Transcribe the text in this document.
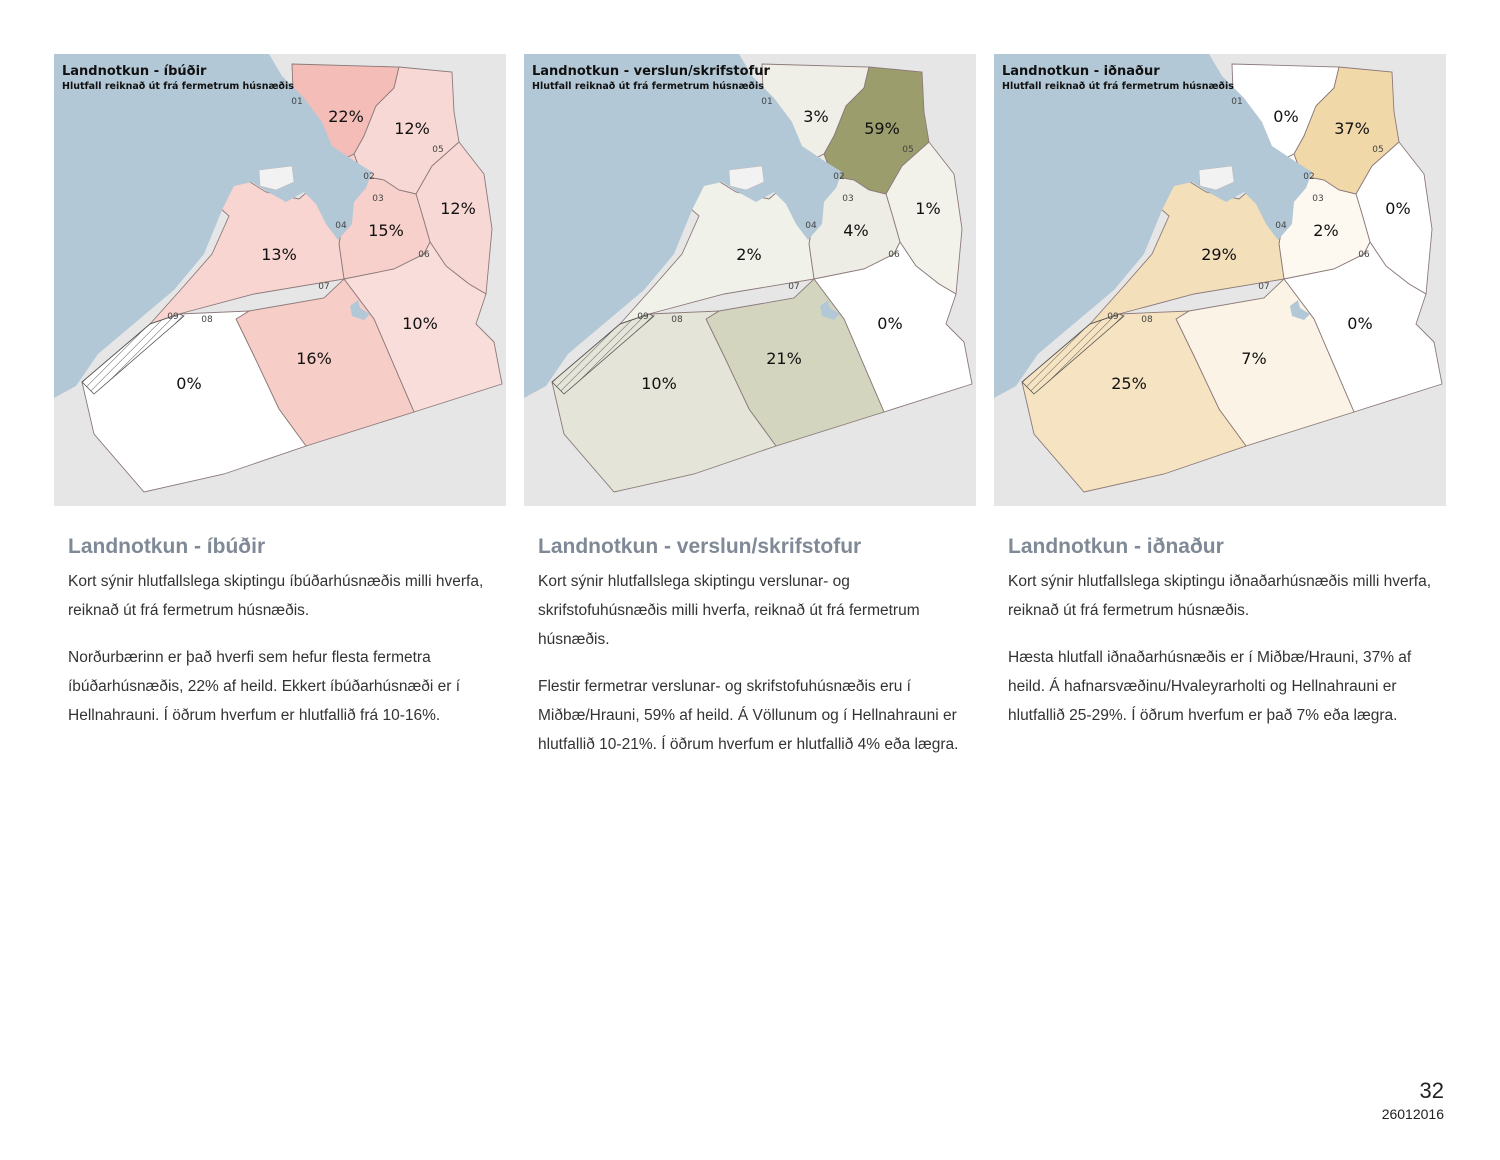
01
02
03
04
05
06
07
08
09
22%
12%
12%
15%
13%
10%
16%
0%
Landnotkun - íbúðir
Hlutfall reiknað út frá fermetrum húsnæðis
01
02
03
04
05
06
07
08
09
3%
59%
1%
4%
2%
0%
21%
10%
Landnotkun - verslun/skrifstofur
Hlutfall reiknað út frá fermetrum húsnæðis
01
02
03
04
05
06
07
08
09
0%
37%
0%
2%
29%
0%
7%
25%
Landnotkun - iðnaður
Hlutfall reiknað út frá fermetrum húsnæðis
Landnotkun - íbúðir

Kort sýnir hlutfallslega skiptingu íbúðarhúsnæðis milli hverfa, reiknað út frá fermetrum húsnæðis.

Norðurbærinn er það hverfi sem hefur flesta fermetra íbúðarhúsnæðis, 22% af heild. Ekkert íbúðarhúsnæði er í Hellnahrauni. Í öðrum hverfum er hlutfallið frá 10-16%.

Landnotkun - verslun/skrifstofur

Kort sýnir hlutfallslega skiptingu verslunar- og skrifstofuhúsnæðis milli hverfa, reiknað út frá fermetrum húsnæðis.

Flestir fermetrar verslunar- og skrifstofuhúsnæðis eru í Miðbæ/Hrauni, 59% af heild. Á Völlunum og í Hellnahrauni er hlutfallið 10-21%. Í öðrum hverfum er hlutfallið 4% eða lægra.

Landnotkun - iðnaður

Kort sýnir hlutfallslega skiptingu iðnaðarhúsnæðis milli hverfa, reiknað út frá fermetrum húsnæðis.

Hæsta hlutfall iðnaðarhúsnæðis er í Miðbæ/Hrauni, 37% af heild. Á hafnarsvæðinu/Hvaleyrarholti og Hellnahrauni er hlutfallið 25-29%. Í öðrum hverfum er það 7% eða lægra.

32
26012016
